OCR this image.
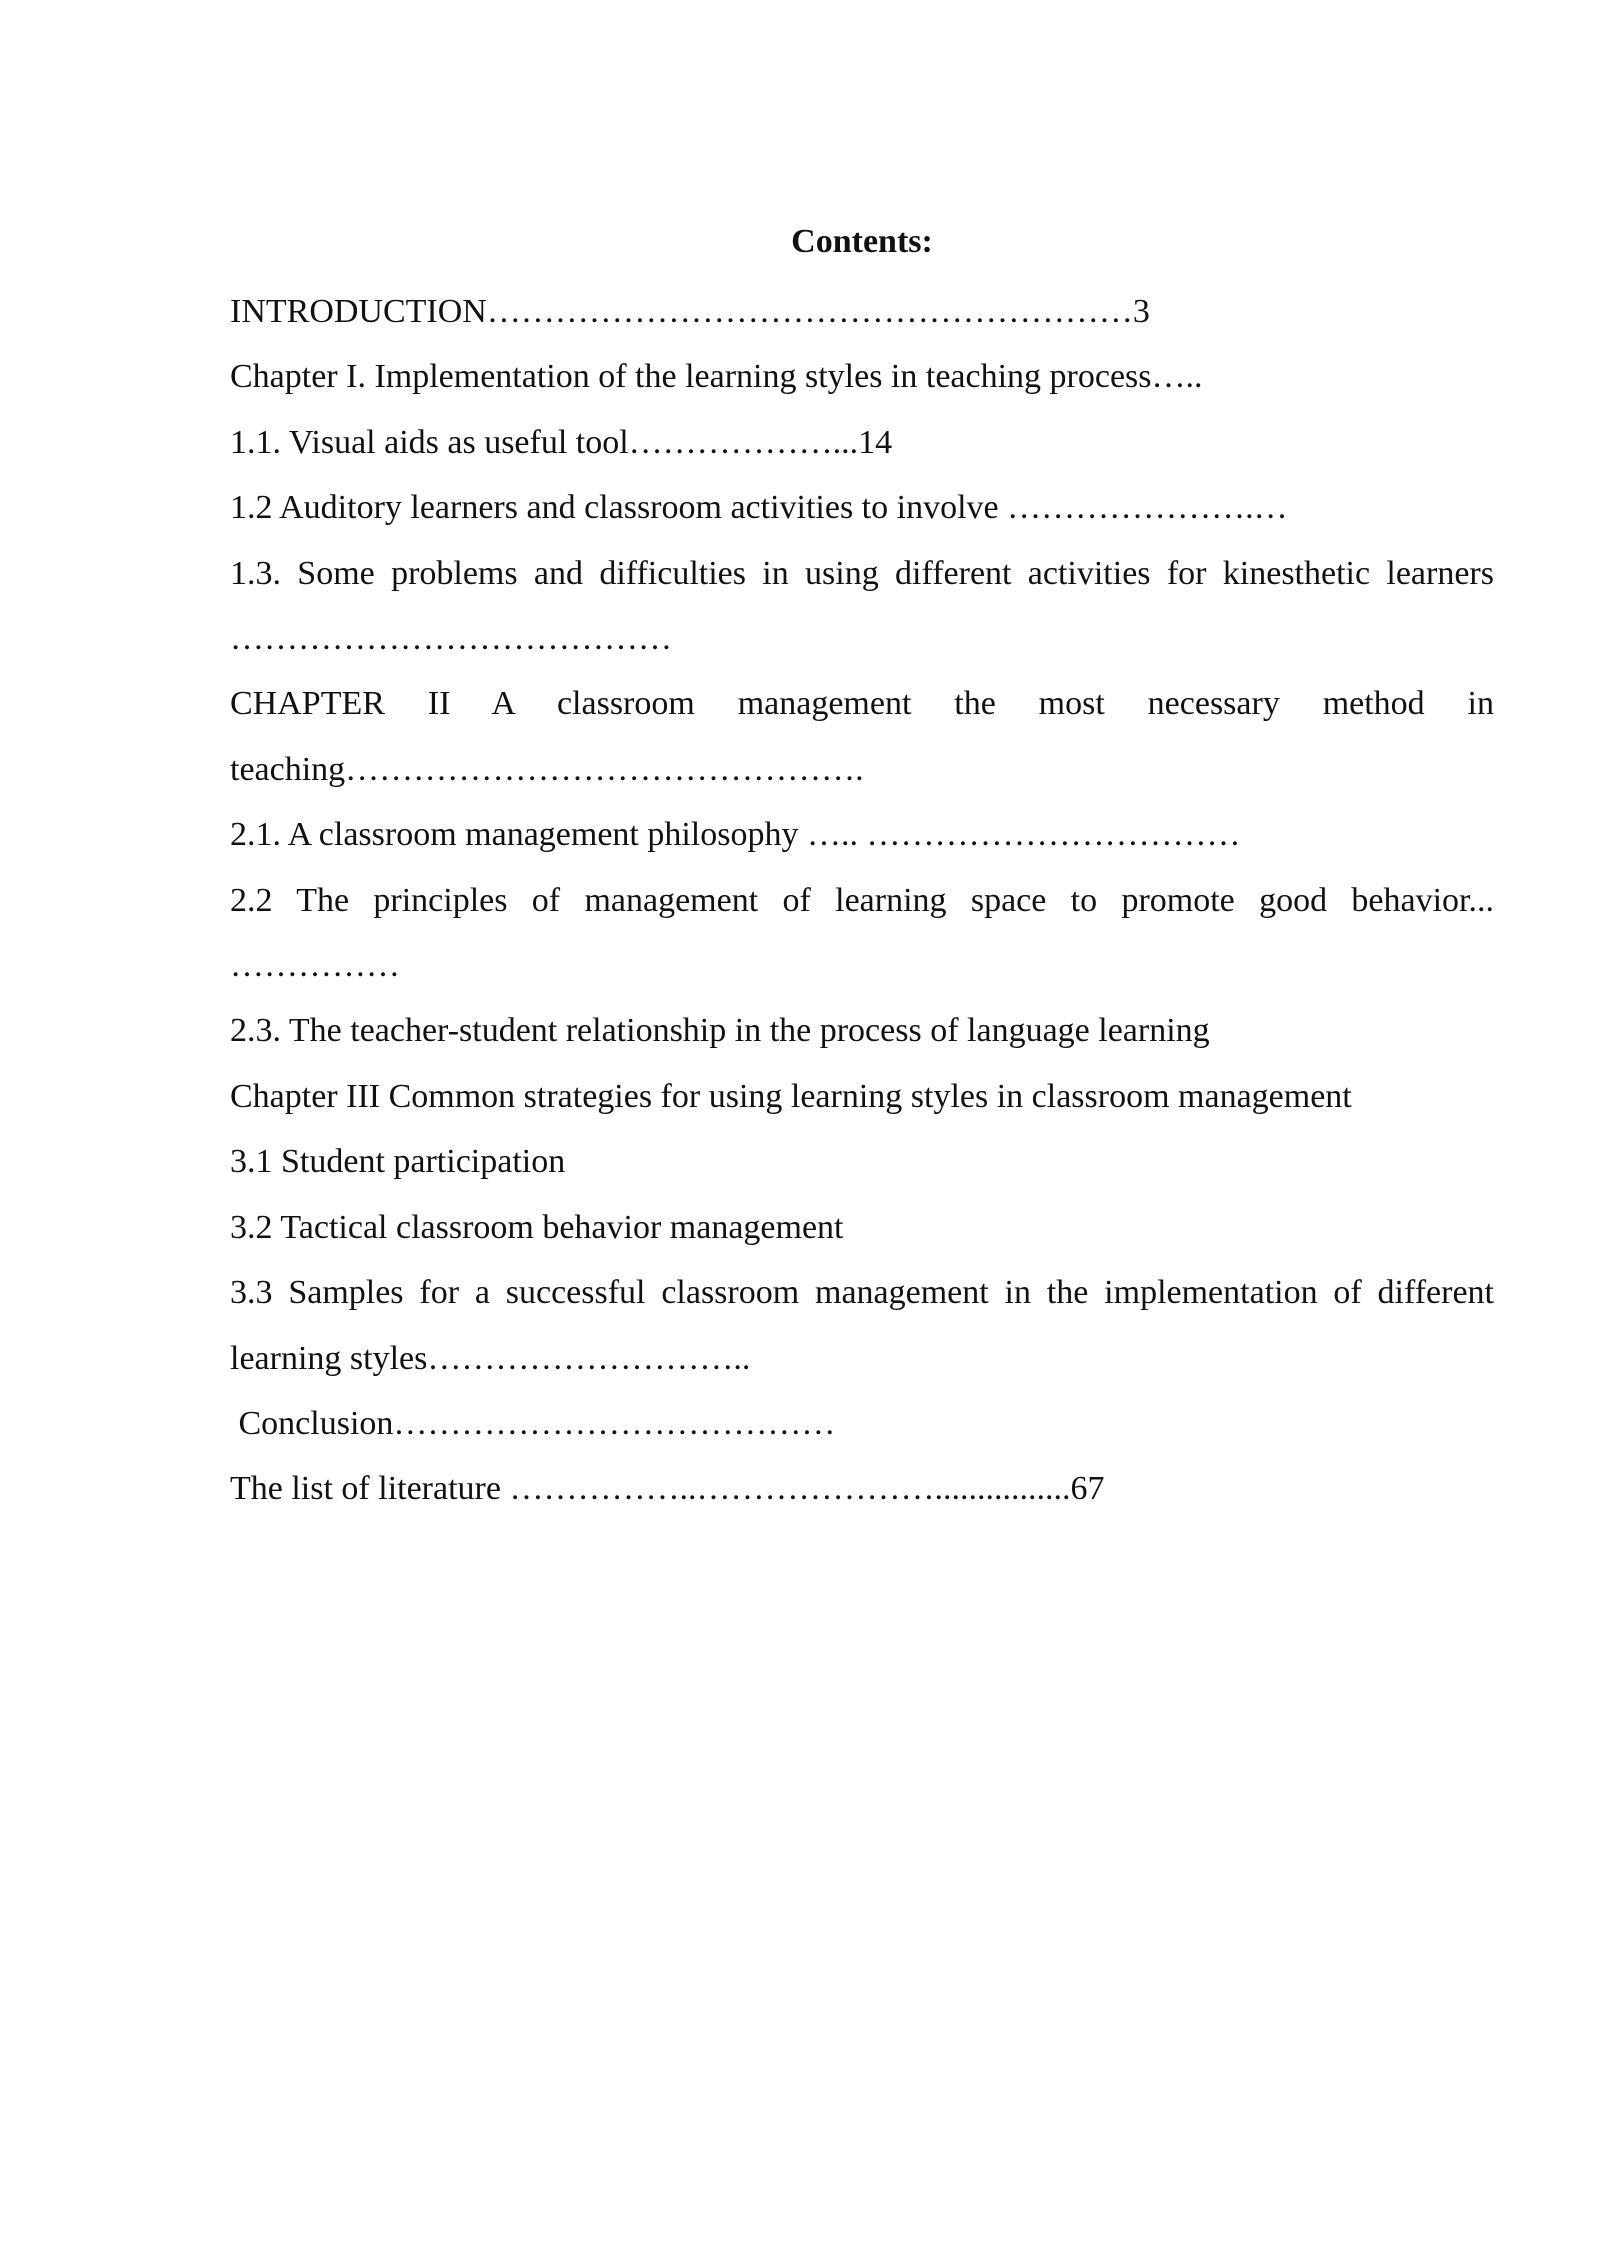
Contents:

INTRODUCTION…………………………………………………3

Chapter I. Implementation of the learning styles in teaching process…..

1.1. Visual aids as useful tool………………...14

1.2 Auditory learners and classroom activities to involve ………………….…

1.3. Some problems and difficulties in using different activities for kinesthetic learners …………………………………

CHAPTER II A classroom management the most necessary method in teaching……………………………………….

2.1. A classroom management philosophy ….. ……………………………

2.2 The principles of management of learning space to promote good behavior... ……………

2.3. The teacher-student relationship in the process of language learning

Chapter III Common strategies for using learning styles in classroom management

3.1 Student participation

3.2 Tactical classroom behavior management

3.3 Samples for a successful classroom management in the implementation of different learning styles………………………..

Conclusion…………………………………

The list of literature ……………..…………………................67
